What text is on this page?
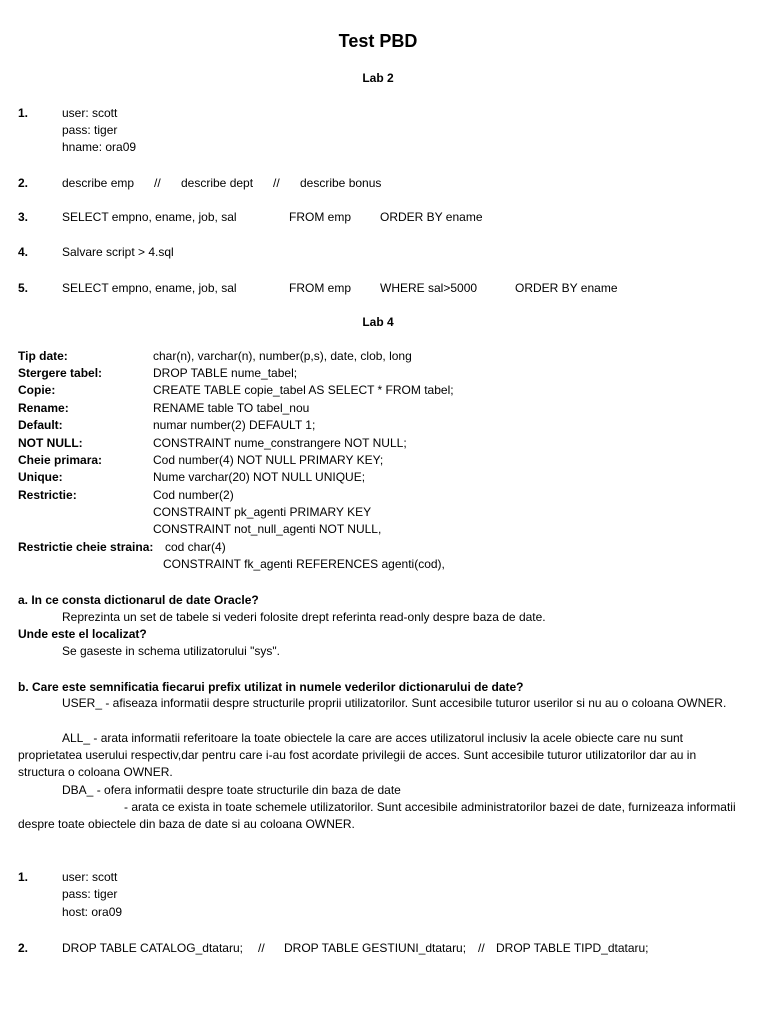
Test PBD
Lab 2
1.	user: scott
pass: tiger
hname: ora09
2.	describe emp // describe dept // describe bonus
3.	SELECT empno, ename, job, sal	FROM emp ORDER BY ename
4.	Salvare script > 4.sql
5.	SELECT empno, ename, job, sal	FROM emp WHERE sal>5000	ORDER BY ename
Lab 4
Tip date:	char(n), varchar(n), number(p,s), date, clob, long
Stergere tabel:	DROP TABLE nume_tabel;
Copie:	CREATE TABLE copie_tabel AS SELECT * FROM tabel;
Rename:	RENAME table TO tabel_nou
Default:	numar number(2) DEFAULT 1;
NOT NULL:	CONSTRAINT nume_constrangere NOT NULL;
Cheie primara:	Cod number(4) NOT NULL PRIMARY KEY;
Unique:	Nume varchar(20) NOT NULL UNIQUE;
Restrictie:	Cod number(2)
CONSTRAINT pk_agenti PRIMARY KEY
CONSTRAINT not_null_agenti NOT NULL,
Restrictie cheie straina: cod char(4)
CONSTRAINT fk_agenti REFERENCES agenti(cod),
a. In ce consta dictionarul de date Oracle?
Reprezinta un set de tabele si vederi folosite drept referinta read-only despre baza de date.
Unde este el localizat?
Se gaseste in schema utilizatorului "sys".
b. Care este semnificatia fiecarui prefix utilizat in numele vederilor dictionarului de date?
USER_ - afiseaza informatii despre structurile proprii utilizatorilor. Sunt accesibile tuturor userilor si nu au o coloana OWNER.
ALL_ - arata informatii referitoare la toate obiectele la care are acces utilizatorul inclusiv la acele obiecte care nu sunt proprietatea userului respectiv,dar pentru care i-au fost acordate privilegii de acces. Sunt accesibile tuturor utilizatorilor dar au in structura o coloana OWNER.
DBA_ - ofera informatii despre toate structurile din baza de date
- arata ce exista in toate schemele utilizatorilor. Sunt accesibile administratorilor bazei de date, furnizeaza informatii despre toate obiectele din baza de date si au coloana OWNER.
1.	user: scott
pass: tiger
host: ora09
2.	DROP TABLE CATALOG_dtataru; // DROP TABLE GESTIUNI_dtataru; // DROP TABLE TIPD_dtataru;
